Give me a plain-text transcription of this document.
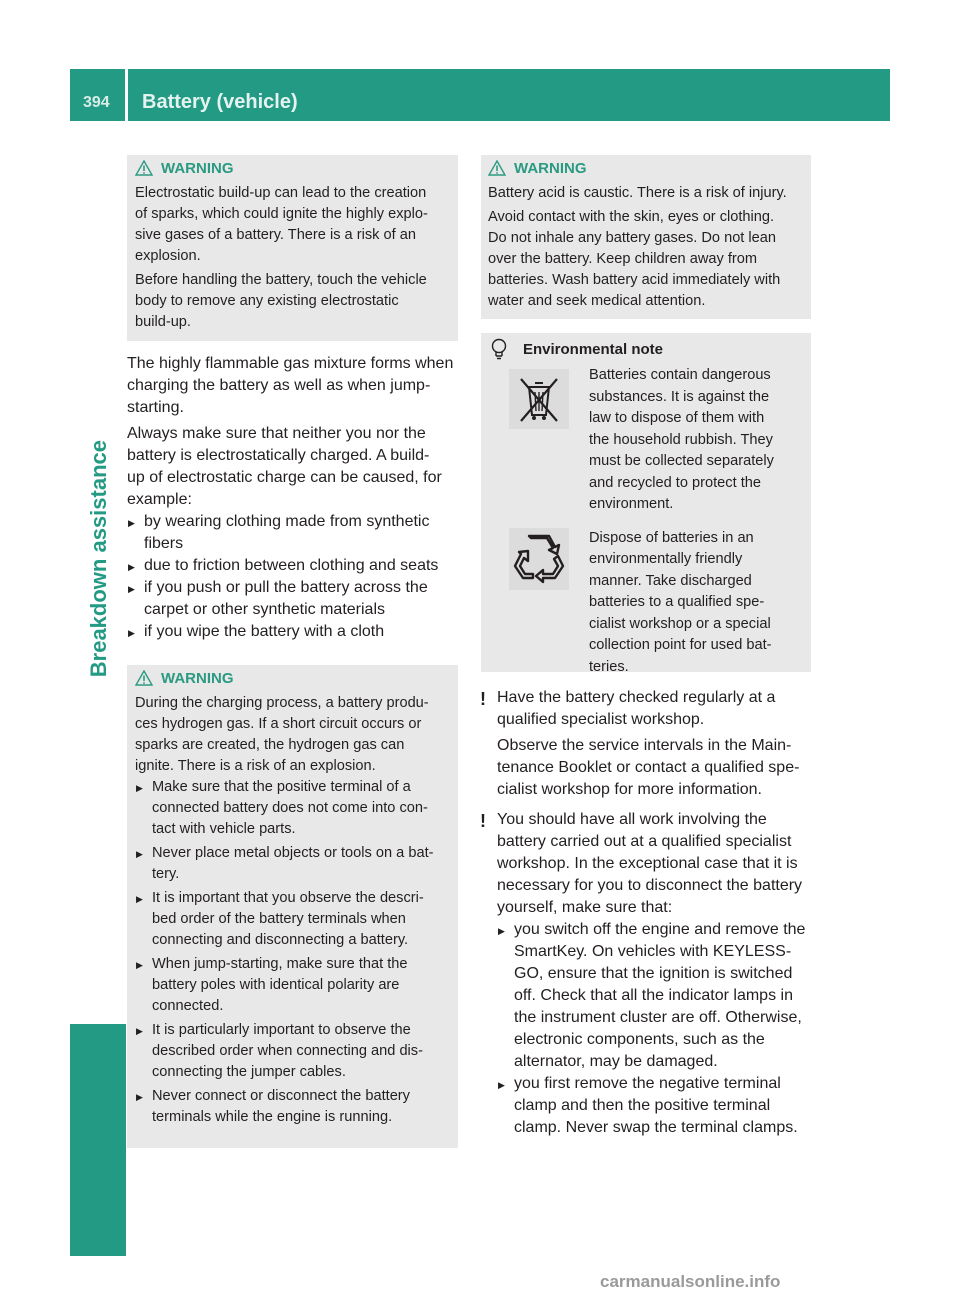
394 Battery (vehicle)
Breakdown assistance
WARNING

Electrostatic build-up can lead to the creation
of sparks, which could ignite the highly explo-
sive gases of a battery. There is a risk of an
explosion.

Before handling the battery, touch the vehicle
body to remove any existing electrostatic
build-up.

The highly flammable gas mixture forms when
charging the battery as well as when jump-
starting.

Always make sure that neither you nor the
battery is electrostatically charged. A build-
up of electrostatic charge can be caused, for
example:

▶ by wearing clothing made from synthetic
fibers

▶ due to friction between clothing and seats

▶ if you push or pull the battery across the
carpet or other synthetic materials

▶ if you wipe the battery with a cloth

WARNING

During the charging process, a battery produ-
ces hydrogen gas. If a short circuit occurs or
sparks are created, the hydrogen gas can
ignite. There is a risk of an explosion.

▶ Make sure that the positive terminal of a
connected battery does not come into con-
tact with vehicle parts.

▶ Never place metal objects or tools on a bat-
tery.

▶ It is important that you observe the descri-
bed order of the battery terminals when
connecting and disconnecting a battery.

▶ When jump-starting, make sure that the
battery poles with identical polarity are
connected.

▶ It is particularly important to observe the
described order when connecting and dis-
connecting the jumper cables.

▶ Never connect or disconnect the battery
terminals while the engine is running.

WARNING

Battery acid is caustic. There is a risk of injury.

Avoid contact with the skin, eyes or clothing.
Do not inhale any battery gases. Do not lean
over the battery. Keep children away from
batteries. Wash battery acid immediately with
water and seek medical attention.

Environmental note
Batteries contain dangerous
substances. It is against the
law to dispose of them with
the household rubbish. They
must be collected separately
and recycled to protect the
environment.
Dispose of batteries in an
environmentally friendly
manner. Take discharged
batteries to a qualified spe-
cialist workshop or a special
collection point for used bat-
teries.
! Have the battery checked regularly at a
qualified specialist workshop.

Observe the service intervals in the Main-
tenance Booklet or contact a qualified spe-
cialist workshop for more information.

! You should have all work involving the
battery carried out at a qualified specialist
workshop. In the exceptional case that it is
necessary for you to disconnect the battery
yourself, make sure that:

▶ you switch off the engine and remove the
SmartKey. On vehicles with KEYLESS-
GO, ensure that the ignition is switched
off. Check that all the indicator lamps in
the instrument cluster are off. Otherwise,
electronic components, such as the
alternator, may be damaged.

▶ you first remove the negative terminal
clamp and then the positive terminal
clamp. Never swap the terminal clamps.

carmanualsonline.info
